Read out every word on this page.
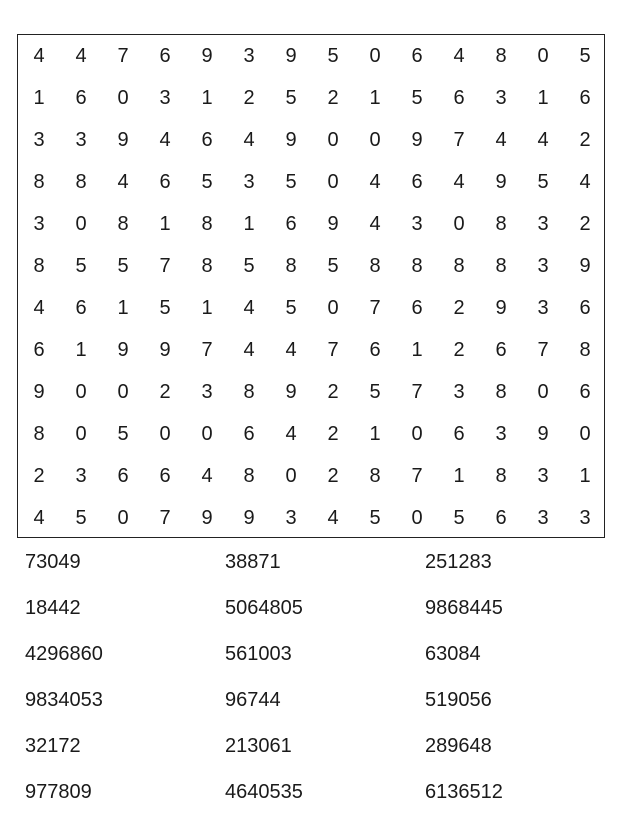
4	4	7	6	9	3	9	5	0	6	4	8	0	5
1	6	0	3	1	2	5	2	1	5	6	3	1	6
3	3	9	4	6	4	9	0	0	9	7	4	4	2
8	8	4	6	5	3	5	0	4	6	4	9	5	4
3	0	8	1	8	1	6	9	4	3	0	8	3	2
8	5	5	7	8	5	8	5	8	8	8	8	3	9
4	6	1	5	1	4	5	0	7	6	2	9	3	6
6	1	9	9	7	4	4	7	6	1	2	6	7	8
9	0	0	2	3	8	9	2	5	7	3	8	0	6
8	0	5	0	0	6	4	2	1	0	6	3	9	0
2	3	6	6	4	8	0	2	8	7	1	8	3	1
4	5	0	7	9	9	3	4	5	0	5	6	3	3
73049	38871	251283
18442	5064805	9868445
4296860	561003	63084
9834053	96744	519056
32172	213061	289648
977809	4640535	6136512
